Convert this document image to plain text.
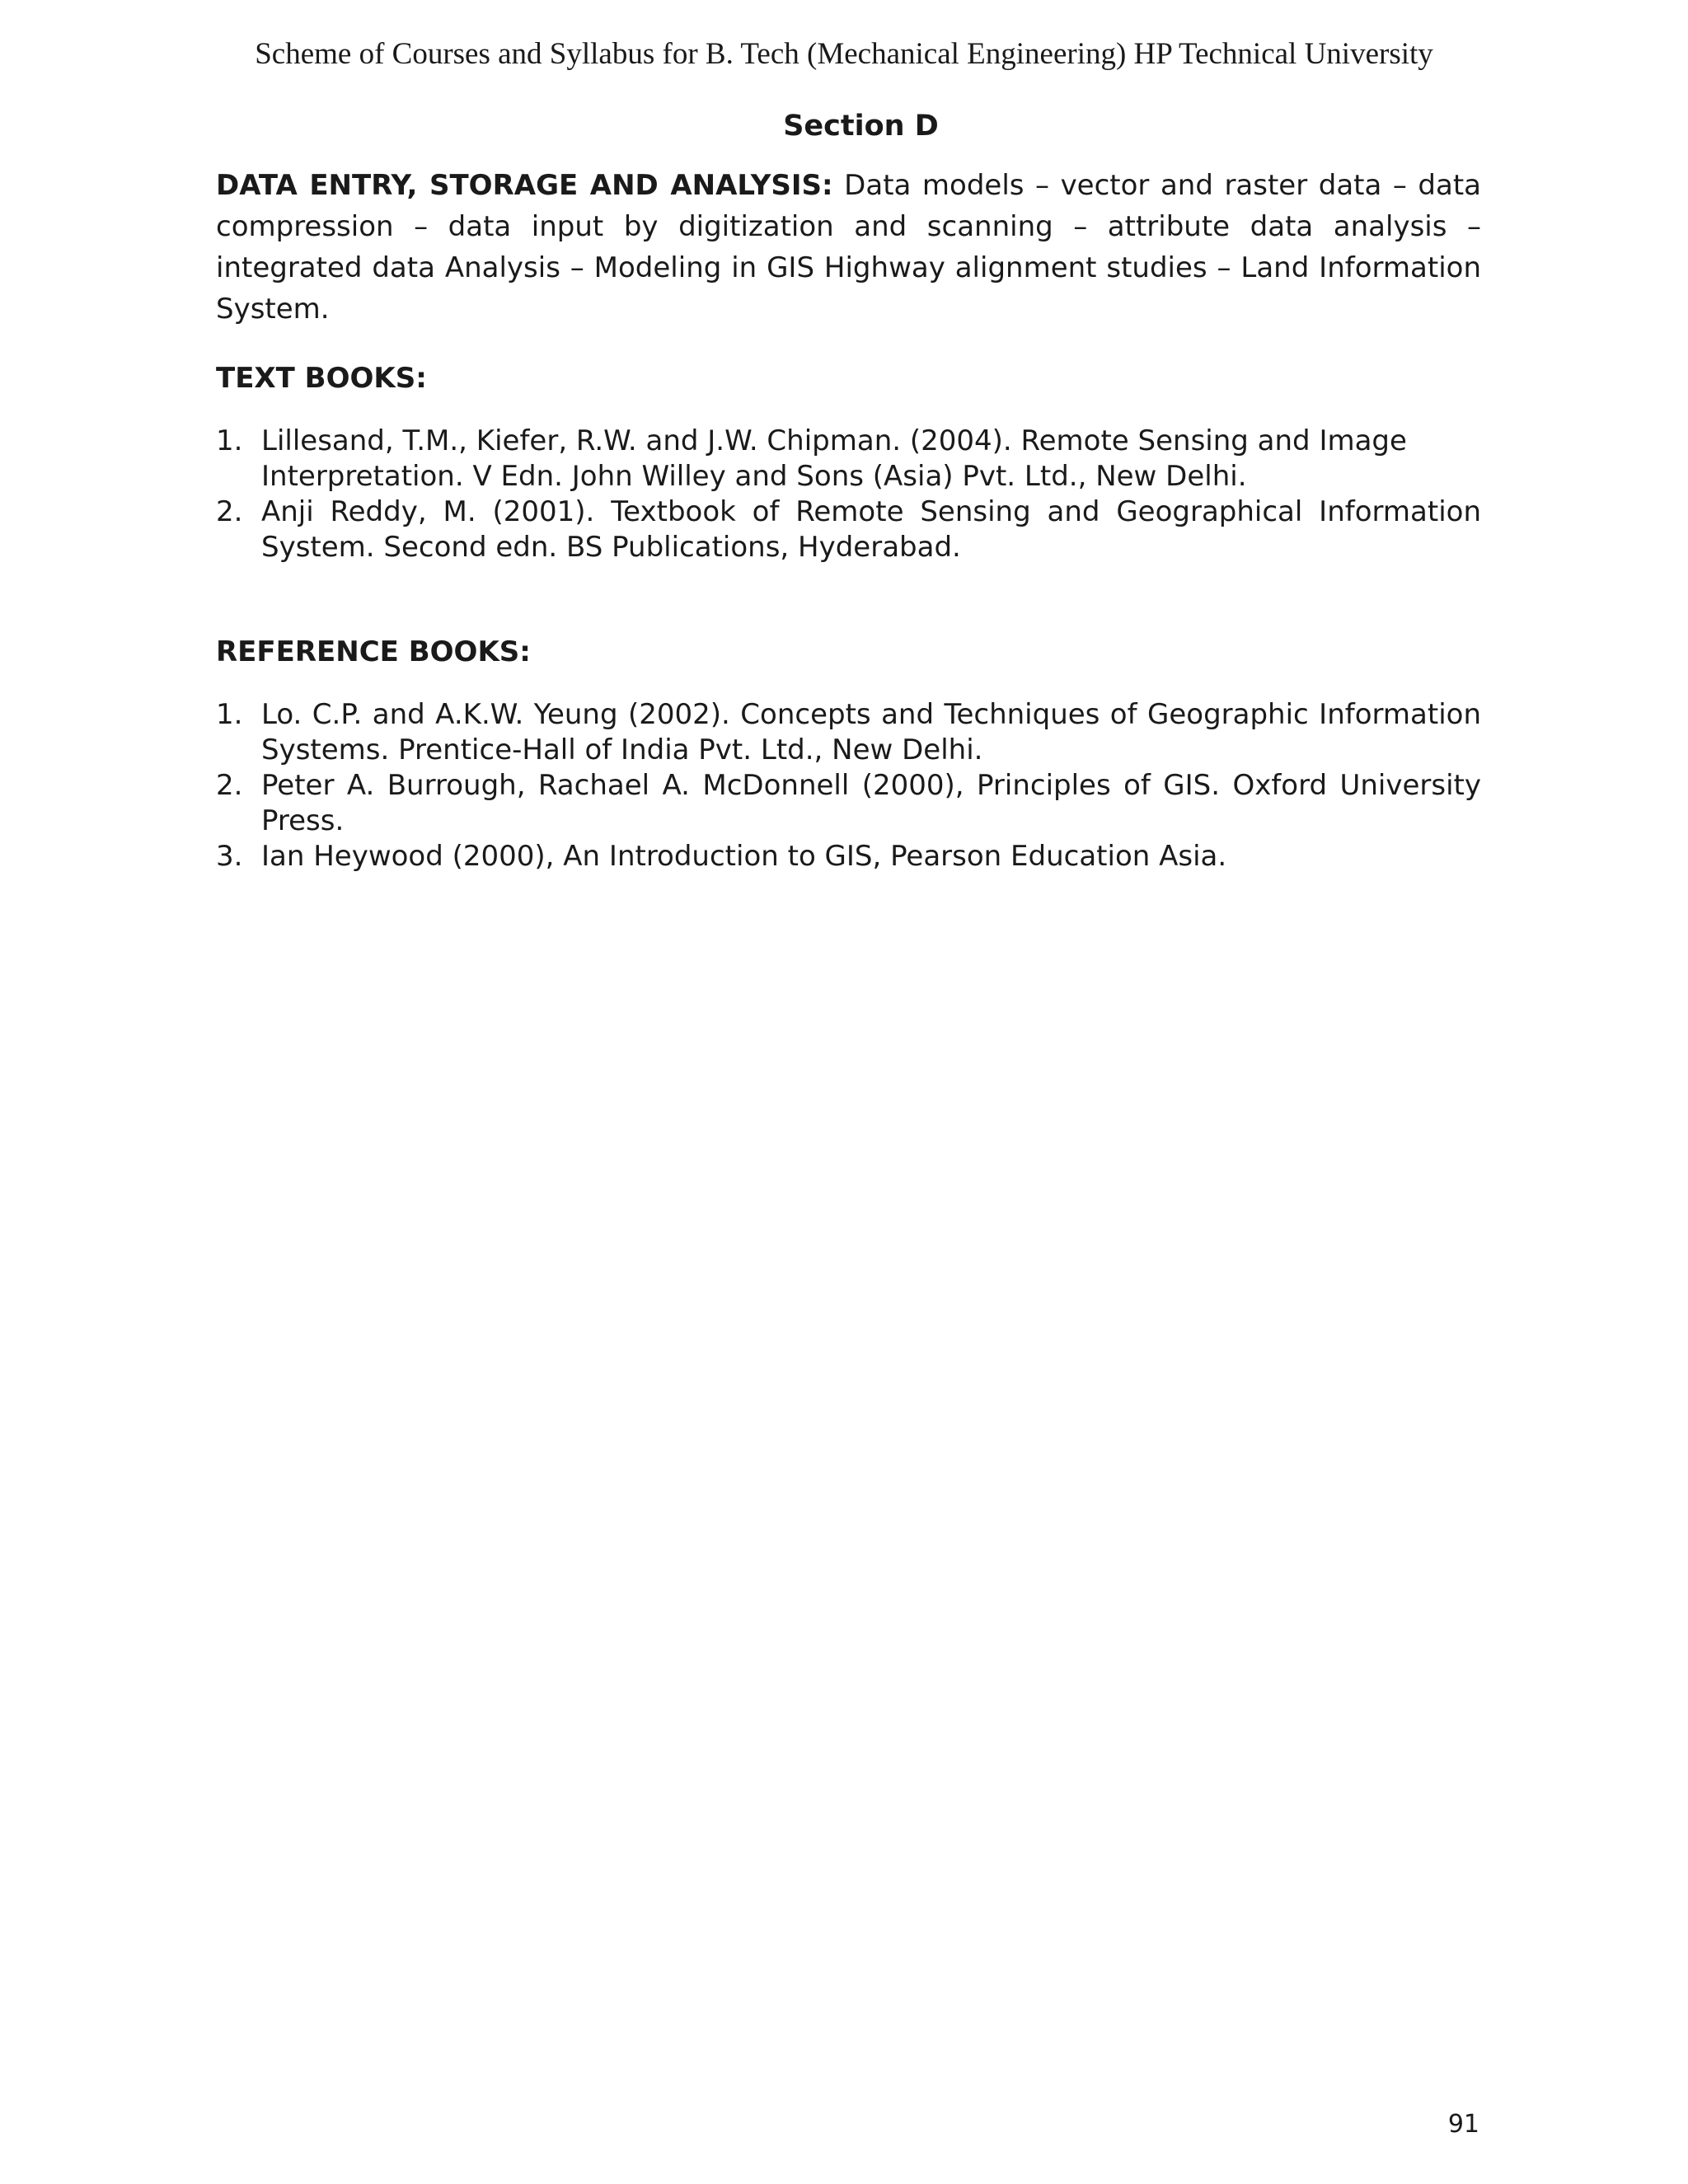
Scheme of Courses and Syllabus for B. Tech (Mechanical Engineering) HP Technical University
Section D

DATA ENTRY, STORAGE AND ANALYSIS: Data models – vector and raster data – data compression – data input by digitization and scanning – attribute data analysis – integrated data Analysis – Modeling in GIS Highway alignment studies – Land Information System.

TEXT BOOKS:
1. Lillesand, T.M., Kiefer, R.W. and J.W. Chipman. (2004). Remote Sensing and Image Interpretation. V Edn. John Willey and Sons (Asia) Pvt. Ltd., New Delhi.
2. Anji Reddy, M. (2001). Textbook of Remote Sensing and Geographical Information System. Second edn. BS Publications, Hyderabad.
REFERENCE BOOKS:
1. Lo. C.P. and A.K.W. Yeung (2002). Concepts and Techniques of Geographic Information Systems. Prentice-Hall of India Pvt. Ltd., New Delhi.
2. Peter A. Burrough, Rachael A. McDonnell (2000), Principles of GIS. Oxford University Press.
3. Ian Heywood (2000), An Introduction to GIS, Pearson Education Asia.
91
